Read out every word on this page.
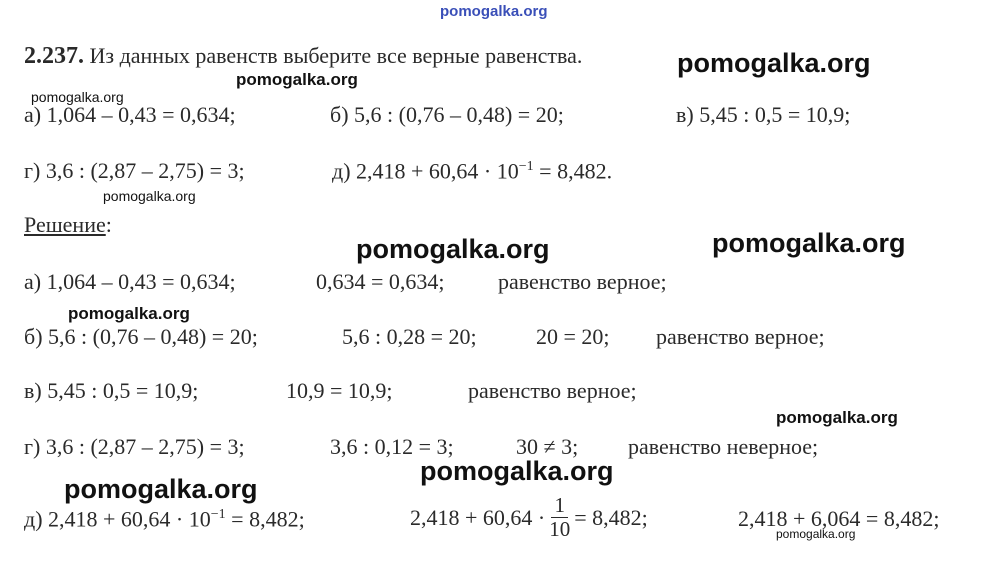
pomogalka.org
2.237. Из данных равенств выберите все верные равенства.	pomogalka.org
pomogalka.org
pomogalka.org
а) 1,064 – 0,43 = 0,634;	б) 5,6 : (0,76 – 0,48) = 20;	в) 5,45 : 0,5 = 10,9;
г) 3,6 : (2,87 – 2,75) = 3;	д) $2,418 + 60,64 \cdot 10^{-1} = 8,482$.
pomogalka.org
Решение:
pomogalka.org	pomogalka.org
а) 1,064 – 0,43 = 0,634;	0,634 = 0,634; равенство верное;
pomogalka.org
б) 5,6 : (0,76 – 0,48) = 20;	5,6 : 0,28 = 20;	20 = 20; равенство верное;
в) 5,45 : 0,5 = 10,9;	10,9 = 10,9;	равенство верное;
pomogalka.org
г) 3,6 : (2,87 – 2,75) = 3;	3,6 : 0,12 = 3;	30 ≠ 3; равенство неверное;
pomogalka.org
pomogalka.org
д) $2,418 + 60,64 \cdot 10^{-1} = 8,482$;	$2,418 + 60,64 \cdot \frac{1}{10} = 8,482$;	2,418 + 6,064 = 8,482;
pomogalka.org
